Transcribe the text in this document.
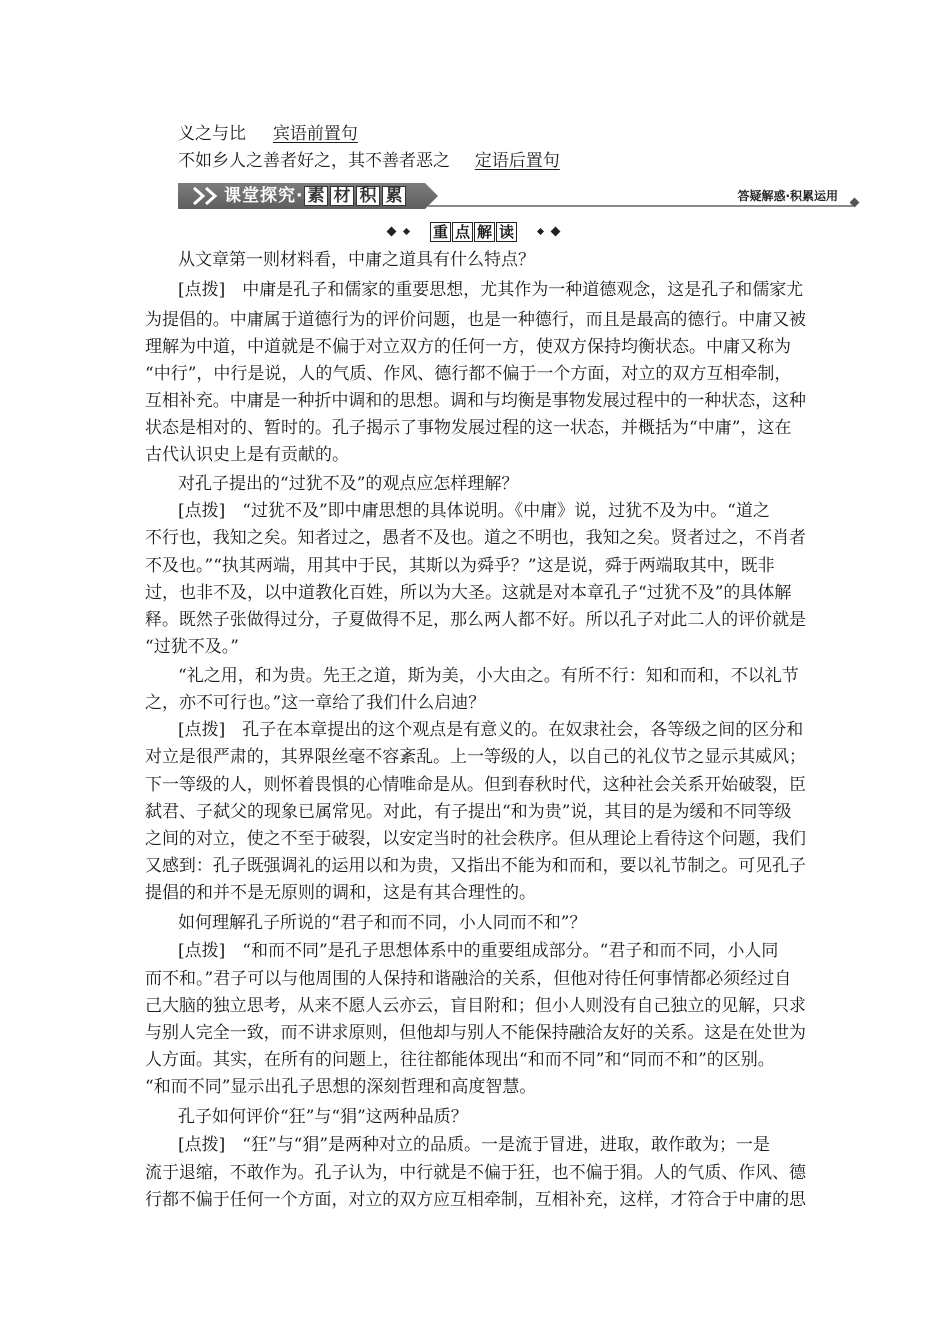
义之与比 宾语前置句
不如乡人之善者好之，其不善者恶之 定语后置句
课堂探究· 素 材 积 累	答疑解惑·积累运用
重 点 解 读
从文章第一则材料看，中庸之道具有什么特点？
[点拨]　中庸是孔子和儒家的重要思想，尤其作为一种道德观念，这是孔子和儒家尤
为提倡的。中庸属于道德行为的评价问题，也是一种德行，而且是最高的德行。中庸又被
理解为中道，中道就是不偏于对立双方的任何一方，使双方保持均衡状态。中庸又称为
“中行”，中行是说，人的气质、作风、德行都不偏于一个方面，对立的双方互相牵制，
互相补充。中庸是一种折中调和的思想。调和与均衡是事物发展过程中的一种状态，这种
状态是相对的、暂时的。孔子揭示了事物发展过程的这一状态，并概括为“中庸”，这在
古代认识史上是有贡献的。
对孔子提出的“过犹不及”的观点应怎样理解？
[点拨]　“过犹不及”即中庸思想的具体说明。《中庸》说，过犹不及为中。“道之
不行也，我知之矣。知者过之，愚者不及也。道之不明也，我知之矣。贤者过之，不肖者
不及也。”“执其两端，用其中于民，其斯以为舜乎？”这是说，舜于两端取其中，既非
过，也非不及，以中道教化百姓，所以为大圣。这就是对本章孔子“过犹不及”的具体解
释。既然子张做得过分，子夏做得不足，那么两人都不好。所以孔子对此二人的评价就是
“过犹不及。”
“礼之用，和为贵。先王之道，斯为美，小大由之。有所不行：知和而和，不以礼节
之，亦不可行也。”这一章给了我们什么启迪？
[点拨]　孔子在本章提出的这个观点是有意义的。在奴隶社会，各等级之间的区分和
对立是很严肃的，其界限丝毫不容紊乱。上一等级的人，以自己的礼仪节之显示其威风；
下一等级的人，则怀着畏惧的心情唯命是从。但到春秋时代，这种社会关系开始破裂，臣
弑君、子弑父的现象已属常见。对此，有子提出“和为贵”说，其目的是为缓和不同等级
之间的对立，使之不至于破裂，以安定当时的社会秩序。但从理论上看待这个问题，我们
又感到：孔子既强调礼的运用以和为贵，又指出不能为和而和，要以礼节制之。可见孔子
提倡的和并不是无原则的调和，这是有其合理性的。
如何理解孔子所说的“君子和而不同，小人同而不和”？
[点拨]　“和而不同”是孔子思想体系中的重要组成部分。“君子和而不同，小人同
而不和。”君子可以与他周围的人保持和谐融洽的关系，但他对待任何事情都必须经过自
己大脑的独立思考，从来不愿人云亦云，盲目附和；但小人则没有自己独立的见解，只求
与别人完全一致，而不讲求原则，但他却与别人不能保持融洽友好的关系。这是在处世为
人方面。其实，在所有的问题上，往往都能体现出“和而不同”和“同而不和”的区别。
“和而不同”显示出孔子思想的深刻哲理和高度智慧。
孔子如何评价“狂”与“狷”这两种品质？
[点拨]　“狂”与“狷”是两种对立的品质。一是流于冒进，进取，敢作敢为；一是
流于退缩，不敢作为。孔子认为，中行就是不偏于狂，也不偏于狷。人的气质、作风、德
行都不偏于任何一个方面，对立的双方应互相牵制，互相补充，这样，才符合于中庸的思
